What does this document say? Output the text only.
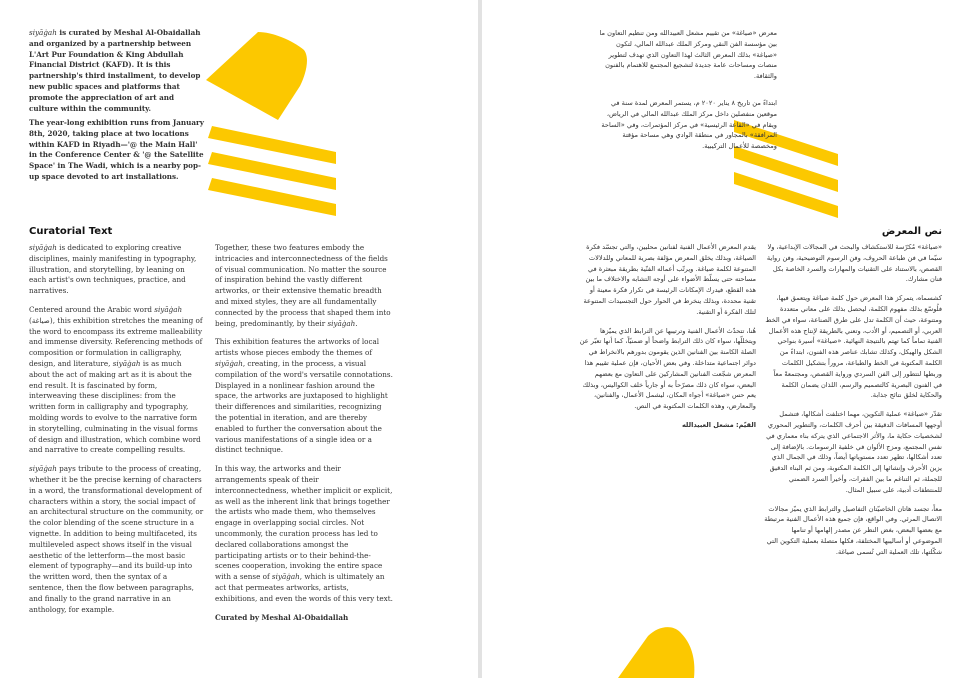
siyāġah is curated by Meshal Al-Obaidallah and organized by a partnership between L'Art Pur Foundation & King Abdullah Financial District (KAFD). It is this partnership's third installment, to develop new public spaces and platforms that promote the appreciation of art and culture within the community.

The year-long exhibition runs from January 8th, 2020, taking place at two locations within KAFD in Riyadh—'@ the Main Hall' in the Conference Center & '@ the Satellite Space' in The Wadi, which is a nearby pop-up space devoted to art installations.

Curatorial Text

siyāġah is dedicated to exploring creative disciplines, mainly manifesting in typography, illustration, and storytelling, by leaning on each artist's own techniques, practice, and narratives.

Centered around the Arabic word siyāġah (صياغة), this exhibition stretches the meaning of the word to encompass its extreme malleability and immense diversity. Referencing methods of composition or formulation in calligraphy, design, and literature, siyāġah is as much about the act of making art as it is about the end result. It is fascinated by form, interweaving these disciplines: from the written form in calligraphy and typography, molding words to evolve to the narrative form in storytelling, culminating in the visual forms of design and illustration, which combine word and narrative to create compelling results.

siyāġah pays tribute to the process of creating, whether it be the precise kerning of characters in a word, the transformational development of characters within a story, the social impact of an architectural structure on the community, or the color blending of the scene structure in a vignette. In addition to being multifaceted, its multileveled aspect shows itself in the visual aesthetic of the letterform—the most basic element of typography—and its build-up into the written word, then the syntax of a sentence, then the flow between paragraphs, and finally to the grand narrative in an anthology, for example.

Together, these two features embody the intricacies and interconnectedness of the fields of visual communication. No matter the source of inspiration behind the vastly different artworks, or their extensive thematic breadth and mixed styles, they are all fundamentally connected by the process that shaped them into being, predominantly, by their siyāġah.

This exhibition features the artworks of local artists whose pieces embody the themes of siyāġah, creating, in the process, a visual compilation of the word's versatile connotations. Displayed in a nonlinear fashion around the space, the artworks are juxtaposed to highlight their differences and similarities, recognizing the potential in iteration, and are thereby enabled to further the conversation about the various manifestations of a single idea or a distinct technique.

In this way, the artworks and their arrangements speak of their interconnectedness, whether implicit or explicit, as well as the inherent link that brings together the artists who made them, who themselves engage in overlapping social circles. Not uncommonly, the curation process has led to declared collaborations amongst the participating artists or to their behind-the-scenes cooperation, invoking the entire space with a sense of siyāġah, which is ultimately an act that permeates artworks, artists, exhibitions, and even the words of this very text.

Curated by Meshal Al-Obaidallah

معرض «صياغة» من تقييم مشعل العبيدالله ومن تنظيم التعاون ما بين مؤسسة الفن النقي ومركز الملك عبدالله المالي، لتكون «صياغة» بذلك المعرض الثالث لهذا التعاون الذي تهدف لتطوير منصات ومساحات عامة جديدة لتشجيع المجتمع للاهتمام بالفنون والثقافة.

ابتداءً من تاريخ ٨ يناير ٢٠٢٠ م، يستمر المعرض لمدة سنة في موقعين منفصلين داخل مركز الملك عبدالله المالي في الرياض، ويقام في «القاعة الرئيسية» في مركز المؤتمرات، وفي «الساحة المرافقة» بالمجاور في منطقة الوادي وهي مساحة مؤقتة ومخصصة للأعمال التركيبية.

نص المعرض

«صياغة» مُكرّسة للاستكشاف والبحث في المجالات الإبداعية، ولا سيّما في فن طباعة الحروف، وفن الرسوم التوضيحية، وفن رواية القصص، بالاستناد على التقنيات والمهارات والسرد الخاصة بكل فنان مشارك.

كشسماه، يتمركز هذا المعرض حول كلمة صياغة ويتعمق فيها، فلُوسّع بذلك مفهوم الكلمة، ليحصل بذلك على معاني متعددة ومتنوعة، حيث أن الكلمة تدل على طرق الصناعة، سواء في الخط العربي، أو التصميم، أو الأدب، وتعني بالطريقة لإنتاج هذه الأعمال الفنية تماماً كما تهتم بالنتيجة النهائية. «صياغة» أسيرة بنواحي الشكل والهيكل، وكذلك تشابك عناصر هذه الفنون، ابتداءً من الكلمة المكتوبة في الخط والطباعة، مروراً بتشكيل الكلمات وربطها لتتطور إلى الفن السردي ورواية القصص، ومجتمعةً معاً في الفنون البصرية كالتصميم والرسم، اللذان يضمان الكلمة والحكاية لخلق نتائج جذابة.

تقدّر «صياغة» عملية التكوين، مهما اختلفت أشكالها، فتشمل أوجهها المسافات الدقيقة بين أحرف الكلمات، والتطوير المحوري لشخصيات حكاية ما، والأثر الاجتماعي الذي يتركه بناء معماري في نفس المجتمع، ومزج الألوان في خلفية الرسومات. بالإضافة إلى تعدد أشكالها، تظهر تعدد مستوياتها أيضاً، وذلك في الجمال الذي يزين الأحرف وإنشائها إلى الكلمة المكتوبة، ومن ثم البناء الدقيق للجملة، ثم التناغم ما بين الفقرات، وأخيراً السرد الضمني للمنتطفات أدبية، على سبيل المثال.

معاً، تجسد هاتان الخاصيّتان التفاصيل والترابط الذي يميّز مجالات الاتصال المرئي. وفي الواقع، فإن جميع هذه الأعمال الفنية مرتبطة مع بعضها البعض، بغض النظر عن مصدر إلهامها أو تنامها الموضوعي أو أساليبها المختلفة، فكلها متصلة بعملية التكوين التي شكّلتها، تلك العملية التي تُسمى صياغة.

يقدم المعرض الأعمال الفنية لفنانين محليين، والتي تجسّد فكرة الصياغة، وبذلك يخلق المعرض مؤلفة بصرية للمعاني وللدلالات المتنوعة لكلمة صياغة. ويرتّب أعماله الفنّية بطريقة مبعثرة في مساحته حتى يسلّط الأضواء على أوجه التشابه والاختلاف ما بين هذه القطع، فيدرك الإمكانات الرئيسة في تكرار فكرة معينة أو تقنية محددة، وبذلك ينخرط في الحوار حول التجسيدات المتنوعة لتلك الفكرة أو التقنية.

هُنا، تتحدّث الأعمال الفنية وترتيبها عن الترابط الذي يميّزها ويتخللّها، سواء كان ذلك الترابط واضحاً أو ضمنيّاً، كما أنها تعبّر عن الصلة الكامنة بين الفنانين الذين يقومون بدورهم بالانخراط في دوائر اجتماعية متداخلة. وفي بعض الأحيان، فإن عملية تقييم هذا المعرض شجّعت الفنانين المشاركين على التعاون مع بعضهم البعض، سواء كان ذلك مصرّحاً به أو جارياً خلف الكواليس، وبذلك يعم حس «صياغة» أجواء المكان، ليشمل الأعمال، والفنانين، والمعارض، وهذه الكلمات المكتوبة في النص.

القيّم: مشعل العبيدالله
